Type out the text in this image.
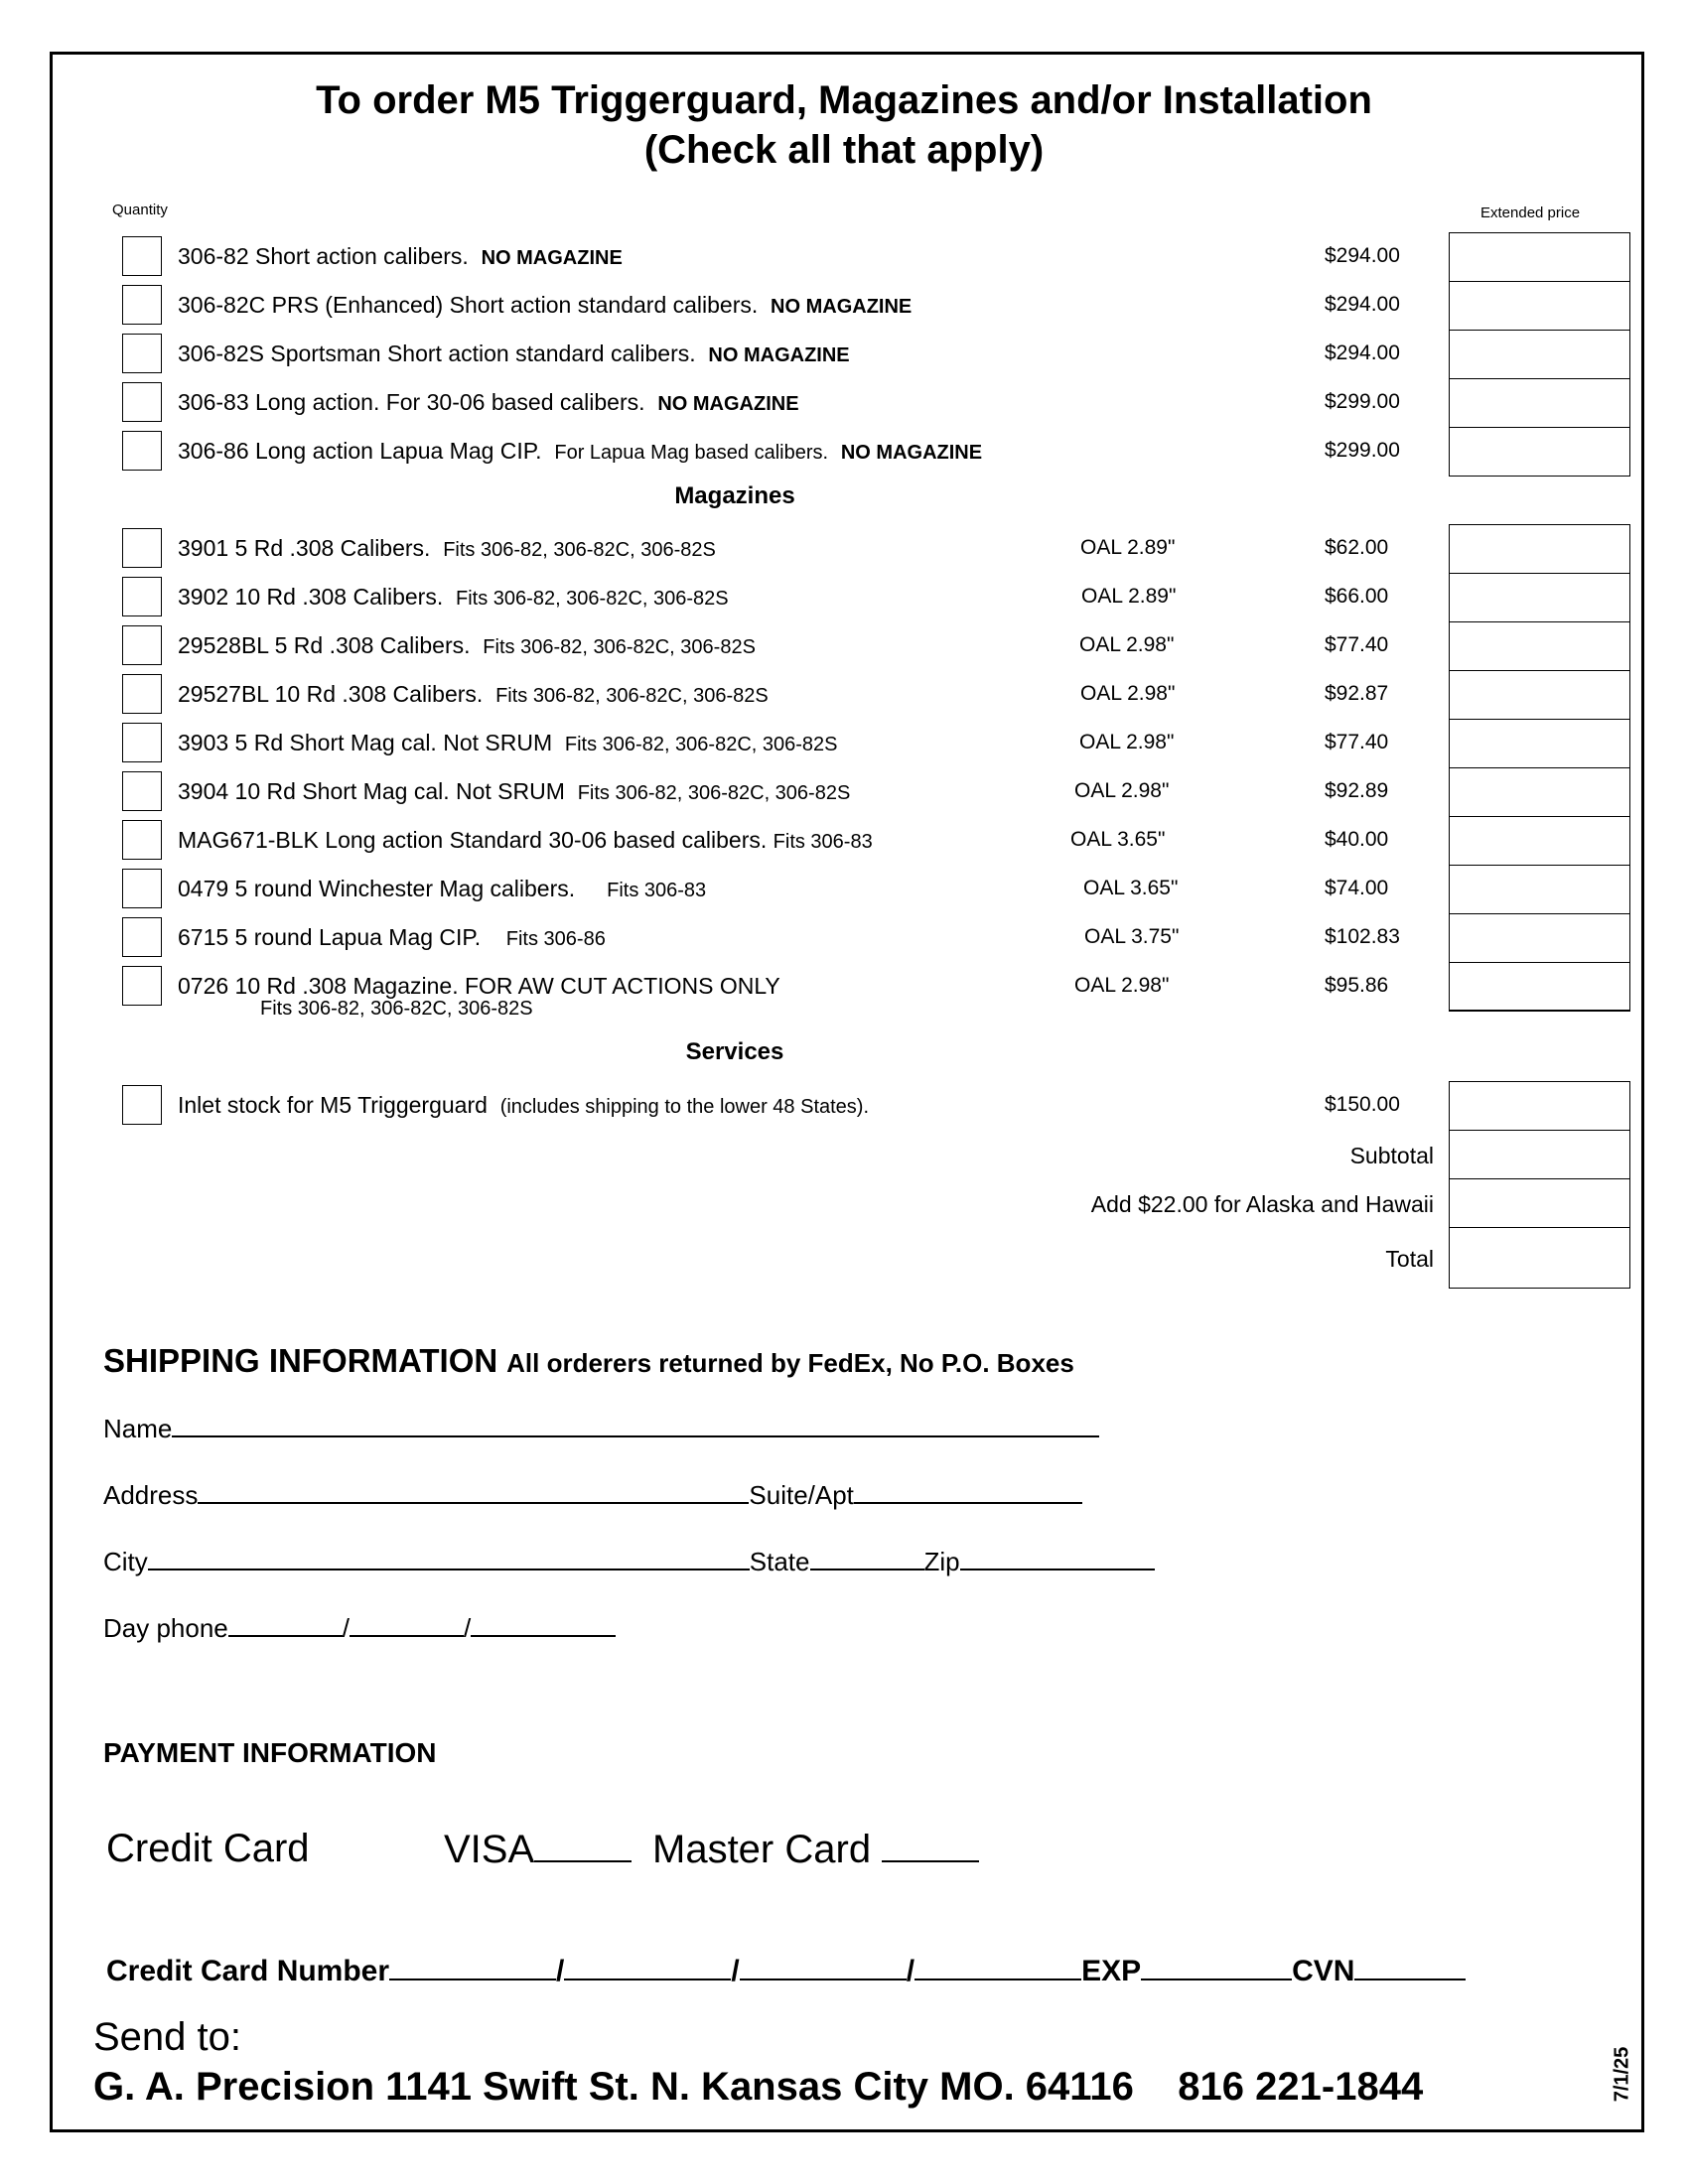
To order M5 Triggerguard, Magazines and/or Installation
(Check all that apply)
Quantity	Extended price
306-82 Short action calibers. NO MAGAZINE	$294.00
306-82C PRS (Enhanced) Short action standard calibers. NO MAGAZINE	$294.00
306-82S Sportsman Short action standard calibers. NO MAGAZINE	$294.00
306-83 Long action. For 30-06 based calibers. NO MAGAZINE	$299.00
306-86 Long action Lapua Mag CIP. For Lapua Mag based calibers. NO MAGAZINE	$299.00
Magazines
3901 5 Rd .308 Calibers. Fits 306-82, 306-82C, 306-82S	OAL 2.89"	$62.00
3902 10 Rd .308 Calibers. Fits 306-82, 306-82C, 306-82S	OAL 2.89"	$66.00
29528BL 5 Rd .308 Calibers. Fits 306-82, 306-82C, 306-82S	OAL 2.98"	$77.40
29527BL 10 Rd .308 Calibers. Fits 306-82, 306-82C, 306-82S	OAL 2.98"	$92.87
3903 5 Rd Short Mag cal. Not SRUM Fits 306-82, 306-82C, 306-82S	OAL 2.98"	$77.40
3904 10 Rd Short Mag cal. Not SRUM Fits 306-82, 306-82C, 306-82S	OAL 2.98"	$92.89
MAG671-BLK Long action Standard 30-06 based calibers. Fits 306-83	OAL 3.65"	$40.00
0479 5 round Winchester Mag calibers. Fits 306-83	OAL 3.65"	$74.00
6715 5 round Lapua Mag CIP. Fits 306-86	OAL 3.75"	$102.83
0726 10 Rd .308 Magazine. FOR AW CUT ACTIONS ONLY
Fits 306-82, 306-82C, 306-82S
OAL 2.98"	$95.86
Services
Inlet stock for M5 Triggerguard (includes shipping to the lower 48 States).	$150.00
Subtotal
Add $22.00 for Alaska and Hawaii
Total
SHIPPING INFORMATION All orderers returned by FedEx, No P.O. Boxes
Name
Address	Suite/Apt
City	State	Zip
Day phone	/	/
PAYMENT INFORMATION
Credit Card	VISA	Master Card
Credit Card Number	/	/	/	EXP	CVN
Send to:
G. A. Precision 1141 Swift St. N. Kansas City MO. 64116 816 221-1844	7/1/25
